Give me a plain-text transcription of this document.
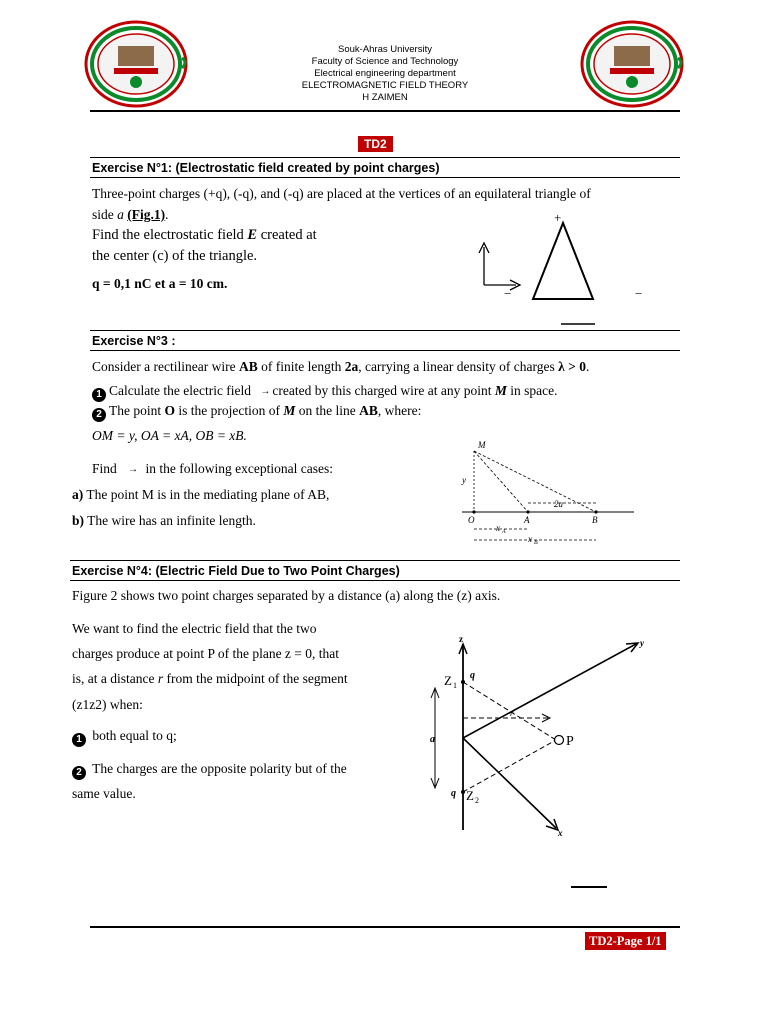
Souk-Ahras University
Faculty of Science and Technology
Electrical engineering department
ELECTROMAGNETIC FIELD THEORY
H ZAIMEN
TD2
Exercise N°1: (Electrostatic field created by point charges)
Three-point charges (+q), (-q), and (-q) are placed at the vertices of an equilateral triangle of
side a (Fig.1).
Find the electrostatic field E created at
the center (c) of the triangle.
q = 0,1 nC et a = 10 cm.
+
−	−
Exercise N°3 :
Consider a rectilinear wire AB of finite length 2a, carrying a linear density of charges λ > 0.
1 Calculate the electric field → created by this charged wire at any point M in space.
2 The point O is the projection of M on the line AB, where:
OM = y, OA = xA, OB = xB.
Find → in the following exceptional cases:
a) The point M is in the mediating plane of AB,
b) The wire has an infinite length.
M
y
O	A	B
2a
x A
x B
Exercise N°4: (Electric Field Due to Two Point Charges)
Figure 2 shows two point charges separated by a distance (a) along the (z) axis.
We want to find the electric field that the two
charges produce at point P of the plane z = 0, that
is, at a distance r from the midpoint of the segment
(z1z2) when:
1 both equal to q;
2 The charges are the opposite polarity but of the
same value.
z	y
x
Z 1
q
q Z 2
a
r
P
TD2-Page 1/1
